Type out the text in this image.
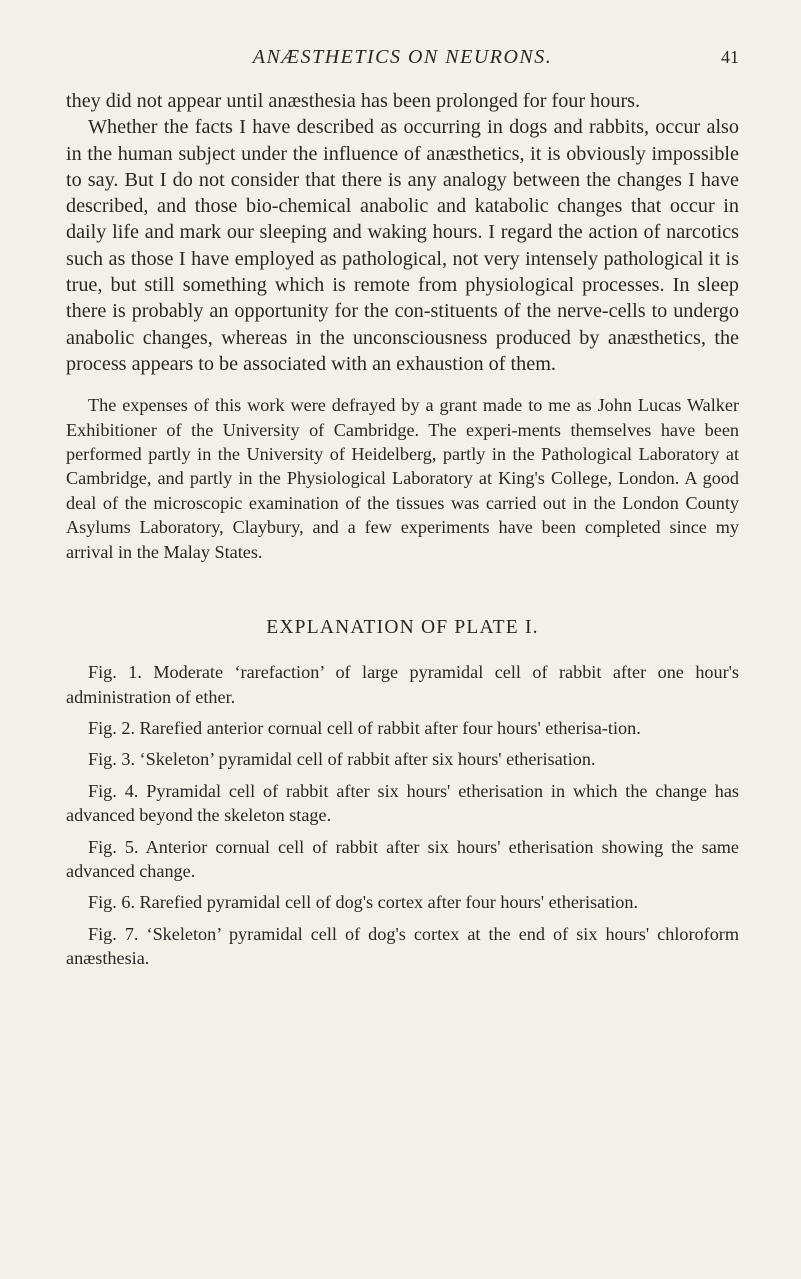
ANÆSTHETICS ON NEURONS.	41

they did not appear until anæsthesia has been prolonged for four hours.

Whether the facts I have described as occurring in dogs and rabbits, occur also in the human subject under the influence of anæsthetics, it is obviously impossible to say. But I do not consider that there is any analogy between the changes I have described, and those bio-chemical anabolic and katabolic changes that occur in daily life and mark our sleeping and waking hours. I regard the action of narcotics such as those I have employed as pathological, not very intensely pathological it is true, but still something which is remote from physiological processes. In sleep there is probably an opportunity for the con-stituents of the nerve-cells to undergo anabolic changes, whereas in the unconsciousness produced by anæsthetics, the process appears to be associated with an exhaustion of them.

The expenses of this work were defrayed by a grant made to me as John Lucas Walker Exhibitioner of the University of Cambridge. The experi-ments themselves have been performed partly in the University of Heidelberg, partly in the Pathological Laboratory at Cambridge, and partly in the Physiological Laboratory at King's College, London. A good deal of the microscopic examination of the tissues was carried out in the London County Asylums Laboratory, Claybury, and a few experiments have been completed since my arrival in the Malay States.

EXPLANATION OF PLATE I.
Fig. 1. Moderate ‘rarefaction’ of large pyramidal cell of rabbit after one hour's administration of ether.
Fig. 2. Rarefied anterior cornual cell of rabbit after four hours' etherisa-tion.
Fig. 3. ‘Skeleton’ pyramidal cell of rabbit after six hours' etherisation.
Fig. 4. Pyramidal cell of rabbit after six hours' etherisation in which the change has advanced beyond the skeleton stage.
Fig. 5. Anterior cornual cell of rabbit after six hours' etherisation showing the same advanced change.
Fig. 6. Rarefied pyramidal cell of dog's cortex after four hours' etherisation.
Fig. 7. ‘Skeleton’ pyramidal cell of dog's cortex at the end of six hours' chloroform anæsthesia.
